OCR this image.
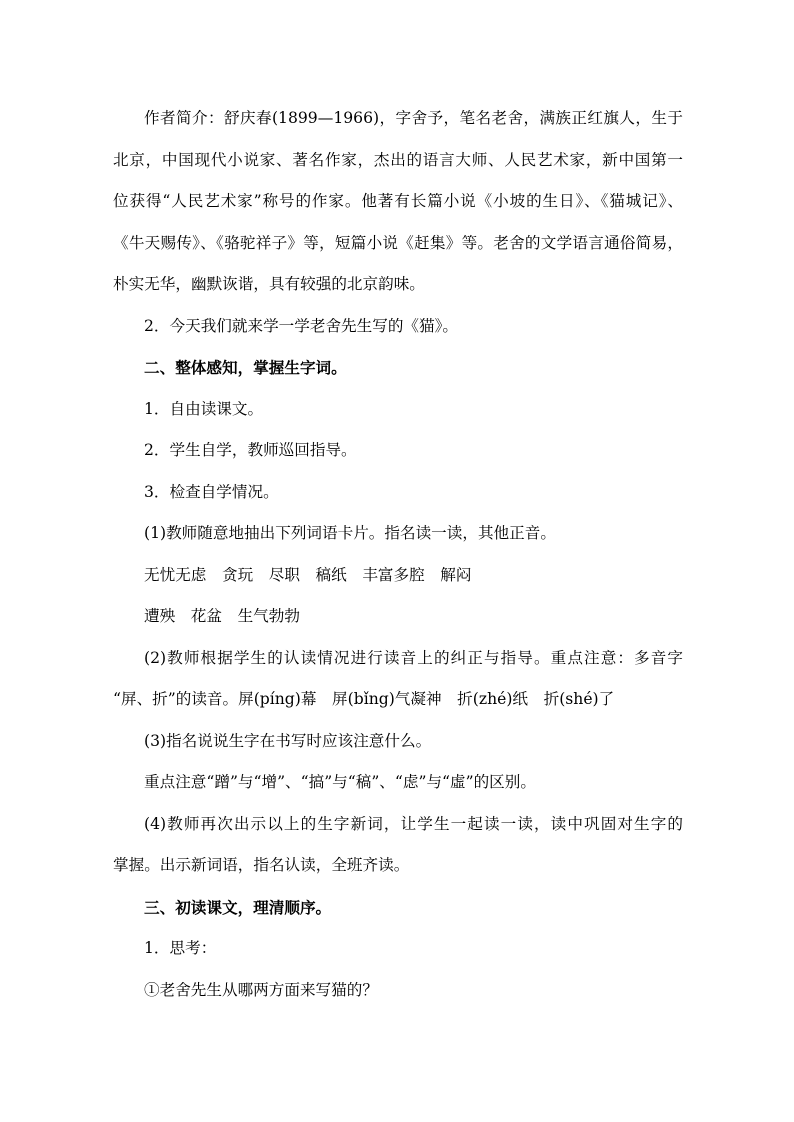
作者简介：舒庆春(1899—1966)，字舍予，笔名老舍，满族正红旗人，生于
北京，中国现代小说家、著名作家，杰出的语言大师、人民艺术家，新中国第一
位获得“人民艺术家”称号的作家。他著有长篇小说《小坡的生日》、《猫城记》、
《牛天赐传》、《骆驼祥子》等，短篇小说《赶集》等。老舍的文学语言通俗简易，
朴实无华，幽默诙谐，具有较强的北京韵味。
2．今天我们就来学一学老舍先生写的《猫》。
二、整体感知，掌握生字词。
1．自由读课文。
2．学生自学，教师巡回指导。
3．检查自学情况。
(1)教师随意地抽出下列词语卡片。指名读一读，其他正音。
无忧无虑　贪玩　尽职　稿纸　丰富多腔　解闷
遭殃　花盆　生气勃勃
(2)教师根据学生的认读情况进行读音上的纠正与指导。重点注意：多音字
“屏、折”的读音。屏(píng)幕　屏(bǐng)气凝神　折(zhé)纸　折(shé)了
(3)指名说说生字在书写时应该注意什么。
重点注意“蹭”与“增”、“搞”与“稿”、“虑”与“虛”的区别。
(4)教师再次出示以上的生字新词，让学生一起读一读，读中巩固对生字的
掌握。出示新词语，指名认读，全班齐读。
三、初读课文，理清顺序。
1．思考：
①老舍先生从哪两方面来写猫的？
